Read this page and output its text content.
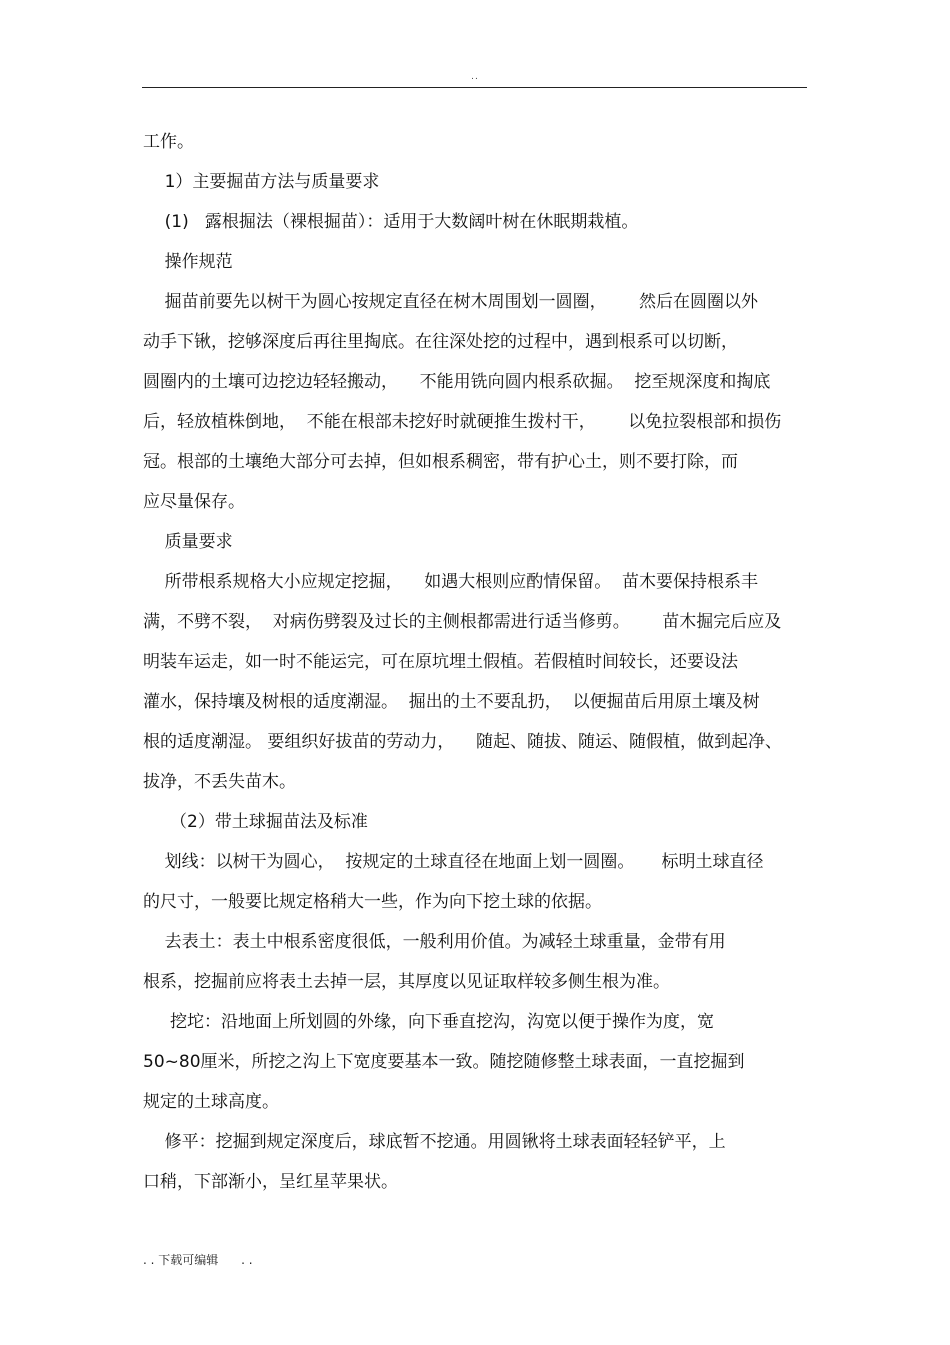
..
工作。
1）主要掘苗方法与质量要求
(1)   露根掘法（裸根掘苗）：适用于大数阔叶树在休眠期栽植。
操作规范
掘苗前要先以树干为圆心按规定直径在树木周围划一圆圈，      然后在圆圈以外
动手下锹，挖够深度后再往里掏底。在往深处挖的过程中，遇到根系可以切断，
圆圈内的土壤可边挖边轻轻搬动，    不能用铣向圆内根系砍掘。  挖至规深度和掏底
后，轻放植株倒地，  不能在根部未挖好时就硬推生拨村干，      以免拉裂根部和损伤
冠。根部的土壤绝大部分可去掉，但如根系稠密，带有护心土，则不要打除，而
应尽量保存。
质量要求
所带根系规格大小应规定挖掘，    如遇大根则应酌情保留。  苗木要保持根系丰
满，不劈不裂，  对病伤劈裂及过长的主侧根都需进行适当修剪。      苗木掘完后应及
明装车运走，如一时不能运完，可在原坑埋土假植。若假植时间较长，还要设法
灌水，保持壤及树根的适度潮湿。  掘出的土不要乱扔，  以便掘苗后用原土壤及树
根的适度潮湿。 要组织好拔苗的劳动力，    随起、随拔、随运、随假植，做到起净、
拔净，不丢失苗木。
（2）带土球掘苗法及标准
划线：以树干为圆心，  按规定的土球直径在地面上划一圆圈。     标明土球直径
的尺寸，一般要比规定格稍大一些，作为向下挖土球的依据。
去表土：表土中根系密度很低，一般利用价值。为减轻土球重量，金带有用
根系，挖掘前应将表土去掉一层，其厚度以见证取样较多侧生根为准。
挖坨：沿地面上所划圆的外缘，向下垂直挖沟，沟宽以便于操作为度，宽
50~80厘米，所挖之沟上下宽度要基本一致。随挖随修整土球表面，一直挖掘到
规定的土球高度。
修平：挖掘到规定深度后，球底暂不挖通。用圆锹将土球表面轻轻铲平，上
口稍，下部渐小，呈红星苹果状。
. . 下载可编辑      . .
